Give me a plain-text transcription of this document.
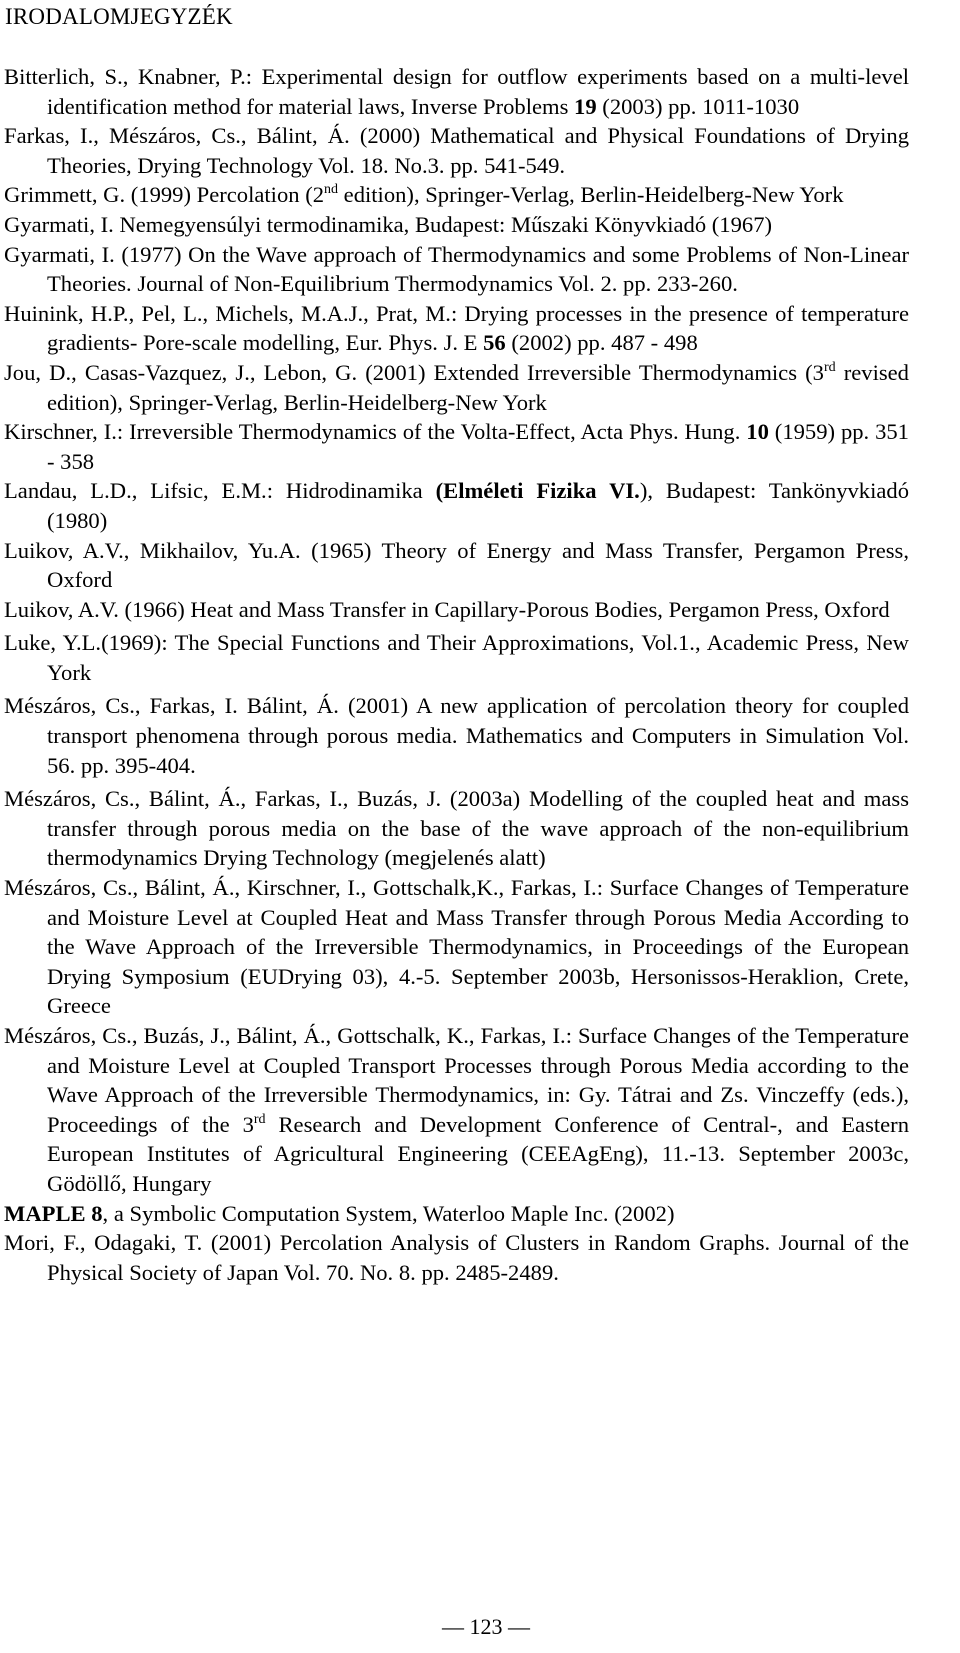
IRODALOMJEGYZÉK
Bitterlich, S., Knabner, P.: Experimental design for outflow experiments based on a multi-level identification method for material laws, Inverse Problems 19 (2003) pp. 1011-1030
Farkas, I., Mészáros, Cs., Bálint, Á. (2000) Mathematical and Physical Foundations of Drying Theories, Drying Technology Vol. 18. No.3. pp. 541-549.
Grimmett, G. (1999) Percolation (2nd edition), Springer-Verlag, Berlin-Heidelberg-New York
Gyarmati, I. Nemegyensúlyi termodinamika, Budapest: Műszaki Könyvkiadó (1967)
Gyarmati, I. (1977) On the Wave approach of Thermodynamics and some Problems of Non-Linear Theories. Journal of Non-Equilibrium Thermodynamics Vol. 2. pp. 233-260.
Huinink, H.P., Pel, L., Michels, M.A.J., Prat, M.: Drying processes in the presence of temperature gradients- Pore-scale modelling, Eur. Phys. J. E 56 (2002) pp. 487 - 498
Jou, D., Casas-Vazquez, J., Lebon, G. (2001) Extended Irreversible Thermodynamics (3rd revised edition), Springer-Verlag, Berlin-Heidelberg-New York
Kirschner, I.: Irreversible Thermodynamics of the Volta-Effect, Acta Phys. Hung. 10 (1959) pp. 351 - 358
Landau, L.D., Lifsic, E.M.: Hidrodinamika (Elméleti Fizika VI.), Budapest: Tankönyvkiadó (1980)
Luikov, A.V., Mikhailov, Yu.A. (1965) Theory of Energy and Mass Transfer, Pergamon Press, Oxford
Luikov, A.V. (1966) Heat and Mass Transfer in Capillary-Porous Bodies, Pergamon Press, Oxford
Luke, Y.L.(1969): The Special Functions and Their Approximations, Vol.1., Academic Press, New York
Mészáros, Cs., Farkas, I. Bálint, Á. (2001) A new application of percolation theory for coupled transport phenomena through porous media. Mathematics and Computers in Simulation Vol. 56. pp. 395-404.
Mészáros, Cs., Bálint, Á., Farkas, I., Buzás, J. (2003a) Modelling of the coupled heat and mass transfer through porous media on the base of the wave approach of the non-equilibrium thermodynamics Drying Technology (megjelenés alatt)
Mészáros, Cs., Bálint, Á., Kirschner, I., Gottschalk,K., Farkas, I.: Surface Changes of Temperature and Moisture Level at Coupled Heat and Mass Transfer through Porous Media According to the Wave Approach of the Irreversible Thermodynamics, in Proceedings of the European Drying Symposium (EUDrying 03), 4.-5. September 2003b, Hersonissos-Heraklion, Crete, Greece
Mészáros, Cs., Buzás, J., Bálint, Á., Gottschalk, K., Farkas, I.: Surface Changes of the Temperature and Moisture Level at Coupled Transport Processes through Porous Media according to the Wave Approach of the Irreversible Thermodynamics, in: Gy. Tátrai and Zs. Vinczeffy (eds.), Proceedings of the 3rd Research and Development Conference of Central-, and Eastern European Institutes of Agricultural Engineering (CEEAgEng), 11.-13. September 2003c, Gödöllő, Hungary
MAPLE 8, a Symbolic Computation System, Waterloo Maple Inc. (2002)
Mori, F., Odagaki, T. (2001) Percolation Analysis of Clusters in Random Graphs. Journal of the Physical Society of Japan Vol. 70. No. 8. pp. 2485-2489.
— 123 —
